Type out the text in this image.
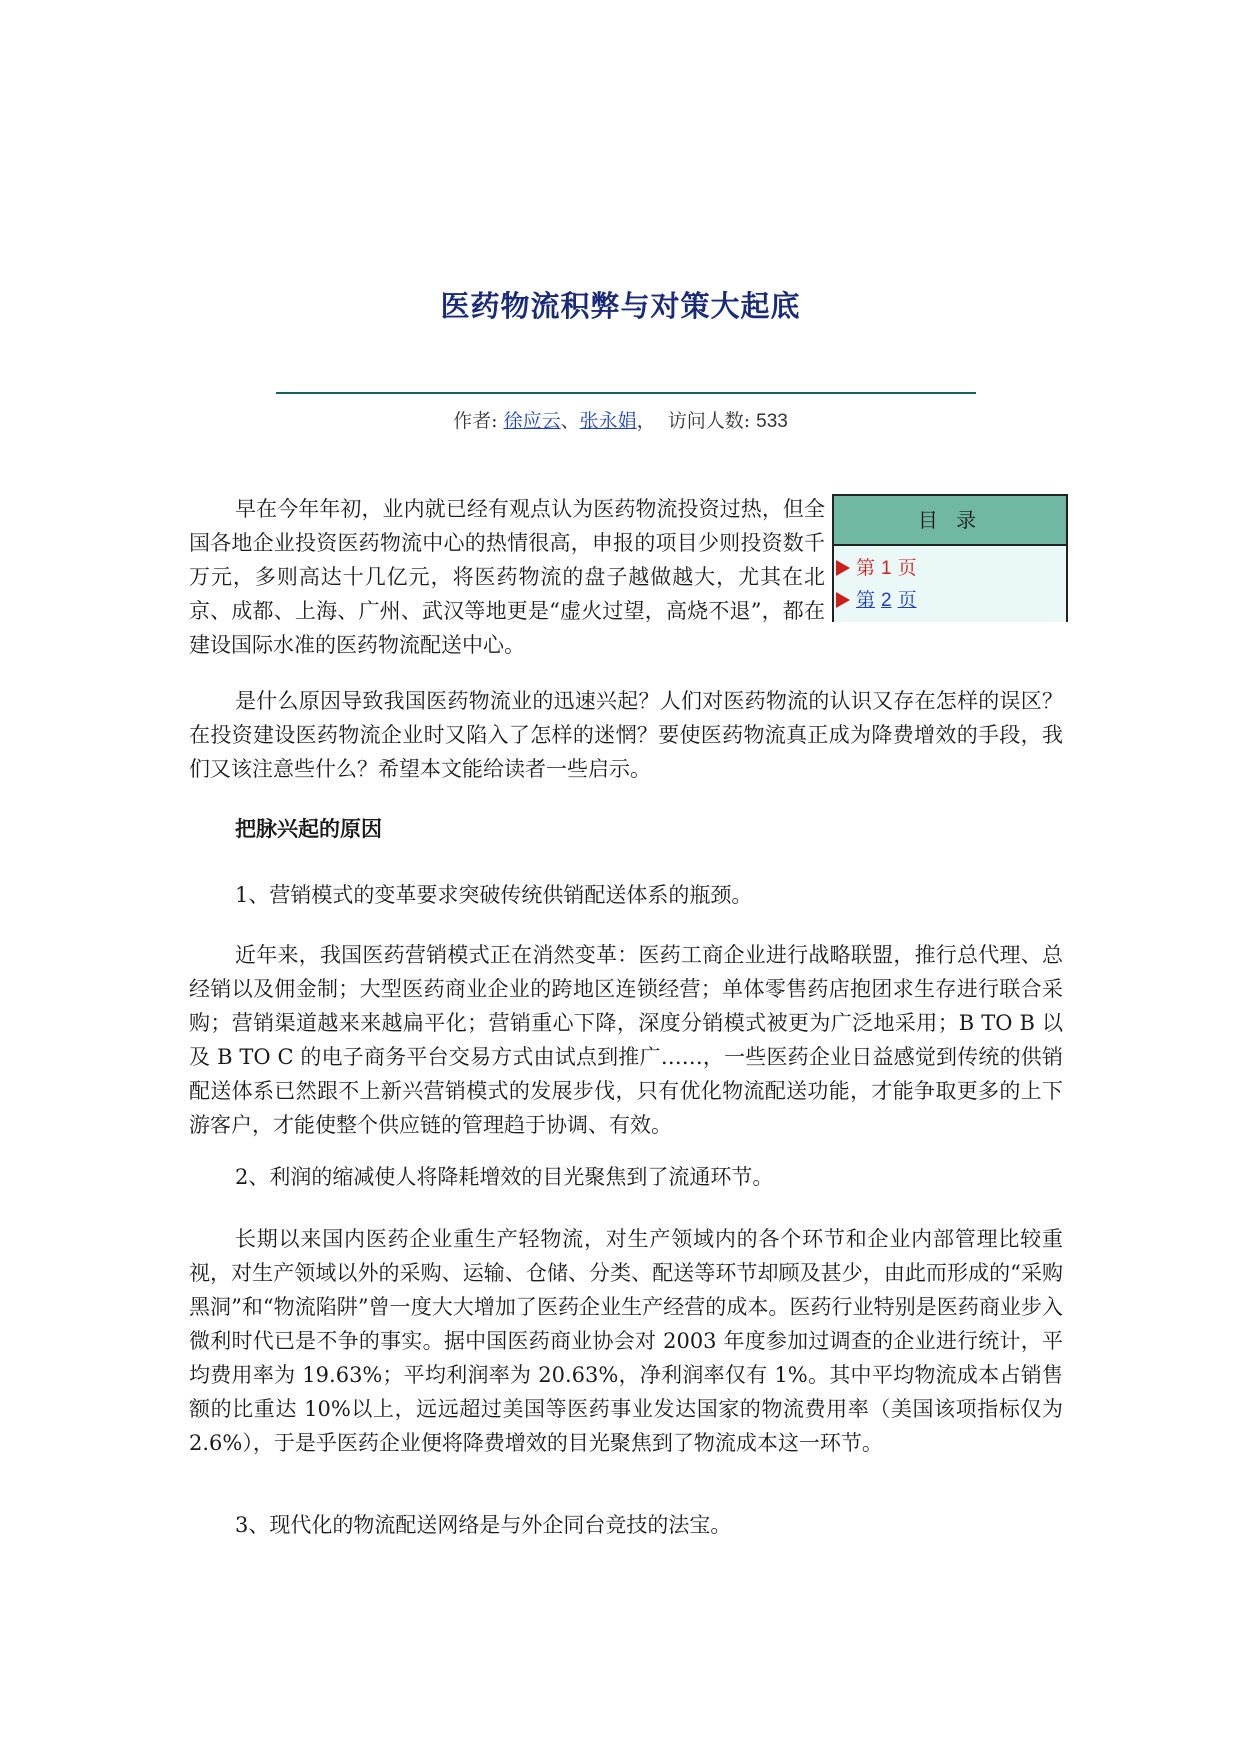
医药物流积弊与对策大起底
作者: 徐应云、张永娟， 访问人数: 533
目 录
第 1 页
第 2 页

早在今年年初，业内就已经有观点认为医药物流投资过热，但全国各地企业投资医药物流中心的热情很高，申报的项目少则投资数千万元，多则高达十几亿元，将医药物流的盘子越做越大，尤其在北京、成都、上海、广州、武汉等地更是“虚火过望，高烧不退”，都在建设国际水准的医药物流配送中心。

是什么原因导致我国医药物流业的迅速兴起？人们对医药物流的认识又存在怎样的误区？在投资建设医药物流企业时又陷入了怎样的迷惘？要使医药物流真正成为降费增效的手段，我们又该注意些什么？希望本文能给读者一些启示。

把脉兴起的原因

1、营销模式的变革要求突破传统供销配送体系的瓶颈。

近年来，我国医药营销模式正在消然变革：医药工商企业进行战略联盟，推行总代理、总经销以及佣金制；大型医药商业企业的跨地区连锁经营；单体零售药店抱团求生存进行联合采购；营销渠道越来来越扁平化；营销重心下降，深度分销模式被更为广泛地采用；B TO B 以及 B TO C 的电子商务平台交易方式由试点到推广……，一些医药企业日益感觉到传统的供销配送体系已然跟不上新兴营销模式的发展步伐，只有优化物流配送功能，才能争取更多的上下游客户，才能使整个供应链的管理趋于协调、有效。

2、利润的缩减使人将降耗增效的目光聚焦到了流通环节。

长期以来国内医药企业重生产轻物流，对生产领域内的各个环节和企业内部管理比较重视，对生产领域以外的采购、运输、仓储、分类、配送等环节却顾及甚少，由此而形成的“采购黑洞”和“物流陷阱”曾一度大大增加了医药企业生产经营的成本。医药行业特别是医药商业步入微利时代已是不争的事实。据中国医药商业协会对 2003 年度参加过调查的企业进行统计，平均费用率为 19.63%；平均利润率为 20.63%，净利润率仅有 1%。其中平均物流成本占销售额的比重达 10%以上，远远超过美国等医药事业发达国家的物流费用率（美国该项指标仅为 2.6%），于是乎医药企业便将降费增效的目光聚焦到了物流成本这一环节。

3、现代化的物流配送网络是与外企同台竞技的法宝。
